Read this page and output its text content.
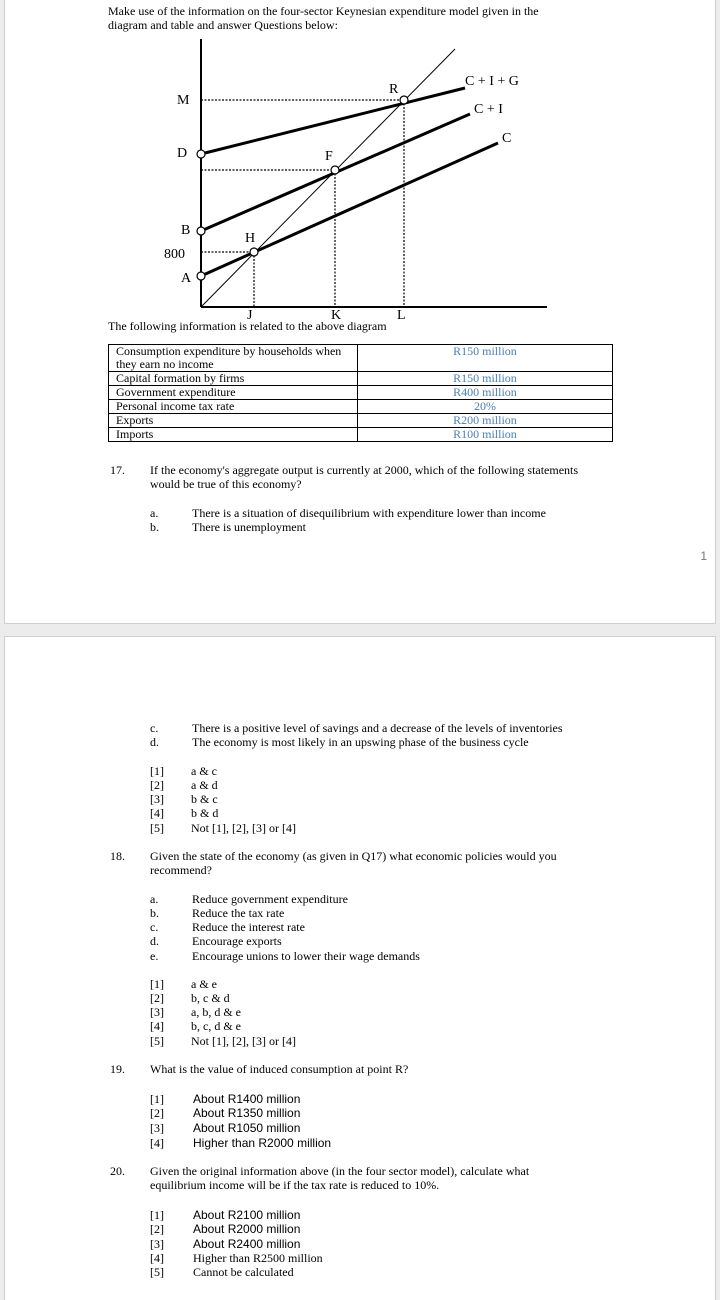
Make use of the information on the four-sector Keynesian expenditure model given in the
diagram and table and answer Questions below:
C + I + G
C + I
C
M
D
B
A
R
F
H
800
J	K	L
The following information is related to the above diagram
Consumption expenditure by households when they earn no income	R150 million
Capital formation by firms	R150 million
Government expenditure	R400 million
Personal income tax rate	20%
Exports	R200 million
Imports	R100 million
17. If the economy's aggregate output is currently at 2000, which of the following statements
would be true of this economy?
a.	There is a situation of disequilibrium with expenditure lower than income
b.	There is unemployment
1
c.	There is a positive level of savings and a decrease of the levels of inventories
d.	The economy is most likely in an upswing phase of the business cycle
[1] a & c
[2] a & d
[3] b & c
[4] b & d
[5] Not [1], [2], [3] or [4]
18. Given the state of the economy (as given in Q17) what economic policies would you
recommend?
a.	Reduce government expenditure
b.	Reduce the tax rate
c.	Reduce the interest rate
d.	Encourage exports
e.	Encourage unions to lower their wage demands
[1] a & e
[2] b, c & d
[3] a, b, d & e
[4] b, c, d & e
[5] Not [1], [2], [3] or [4]
19. What is the value of induced consumption at point R?
[1] About R1400 million
[2] About R1350 million
[3] About R1050 million
[4] Higher than R2000 million
20. Given the original information above (in the four sector model), calculate what
equilibrium income will be if the tax rate is reduced to 10%.
[1] About R2100 million
[2] About R2000 million
[3] About R2400 million
[4] Higher than R2500 million
[5] Cannot be calculated
